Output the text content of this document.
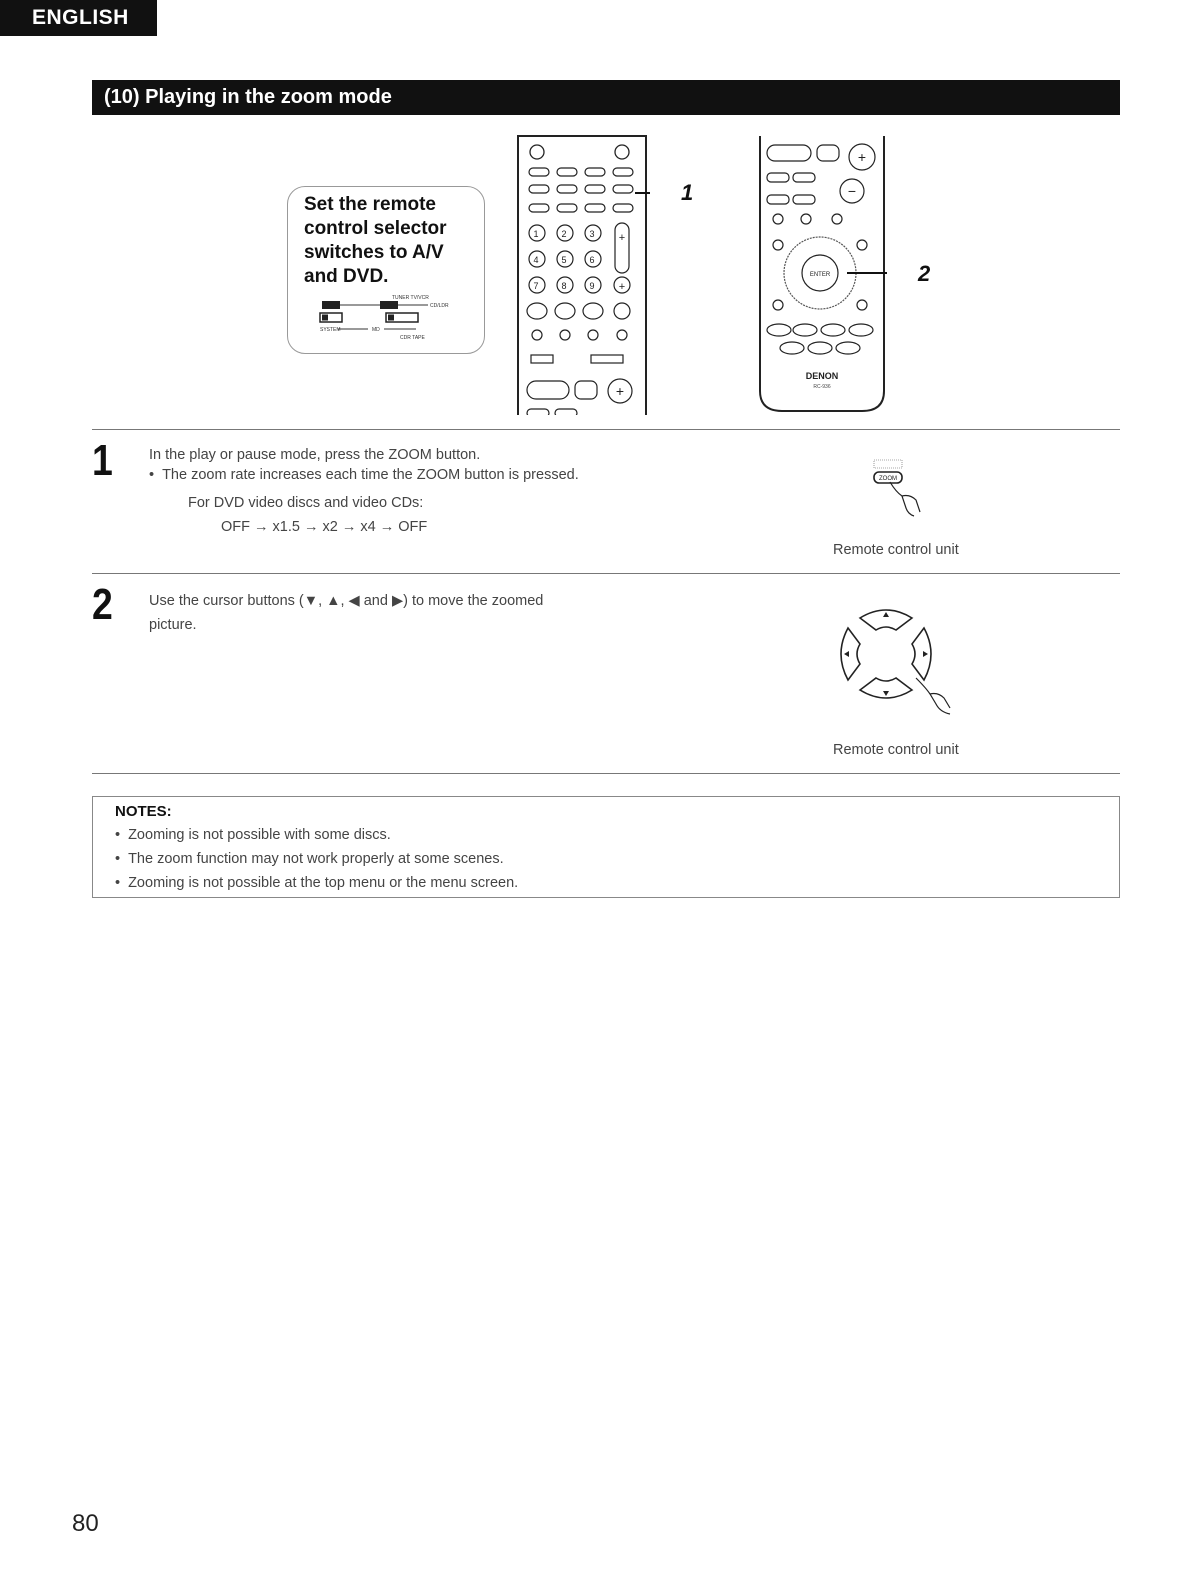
ENGLISH
(10) Playing in the zoom mode
Set the remote control selector switches to A/V and DVD.
TUNER TV/VCR
CD/LDR
SYSTEM	MD
CDR TAPE
1	2	3
4	5	6
7	8	9 +
+
+
1
+
−
ENTER
DENON
RC-936
2
1 In the play or pause mode, press the ZOOM button.
• The zoom rate increases each time the ZOOM button is pressed.
For DVD video discs and video CDs:
OFF → x1.5 → x2 → x4 → OFF
ZOOM
Remote control unit
2 Use the cursor buttons (▼, ▲, ◀ and ▶) to move the zoomed
picture.
Remote control unit
NOTES:
• Zooming is not possible with some discs.
• The zoom function may not work properly at some scenes.
• Zooming is not possible at the top menu or the menu screen.
80
